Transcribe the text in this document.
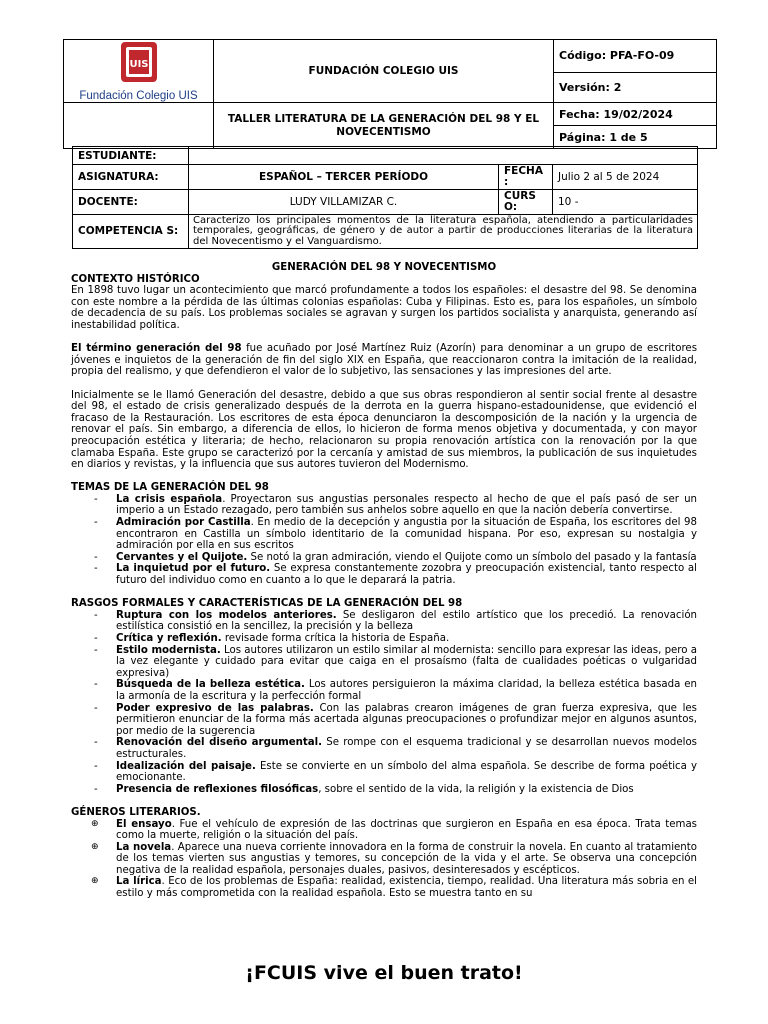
UIS
Fundación Colegio UIS	FUNDACIÓN COLEGIO UIS	Código: PFA-FO-09
		Versión: 2
	TALLER LITERATURA DE LA GENERACIÓN DEL 98 Y EL NOVECENTISMO	Fecha: 19/02/2024
		Página: 1 de 5
ESTUDIANTE:			
ASIGNATURA:	ESPAÑOL – TERCER PERÍODO	FECHA :	Julio 2 al 5 de 2024
DOCENTE:	LUDY VILLAMIZAR C.	CURS O:	10 -
COMPETENCIA S:	Caracterizo los principales momentos de la literatura española, atendiendo a particularidades temporales, geográficas, de género y de autor a partir de producciones literarias de la literatura del Novecentismo y el Vanguardismo.		

GENERACIÓN DEL 98 Y NOVECENTISMO

CONTEXTO HISTÓRICO

En 1898 tuvo lugar un acontecimiento que marcó profundamente a todos los españoles: el desastre del 98. Se denomina con este nombre a la pérdida de las últimas colonias españolas: Cuba y Filipinas. Esto es, para los españoles, un símbolo de decadencia de su país. Los problemas sociales se agravan y surgen los partidos socialista y anarquista, generando así inestabilidad política.

El término generación del 98 fue acuñado por José Martínez Ruiz (Azorín) para denominar a un grupo de escritores jóvenes e inquietos de la generación de fin del siglo XIX en España, que reaccionaron contra la imitación de la realidad, propia del realismo, y que defendieron el valor de lo subjetivo, las sensaciones y las impresiones del arte.

Inicialmente se le llamó Generación del desastre, debido a que sus obras respondieron al sentir social frente al desastre del 98, el estado de crisis generalizado después de la derrota en la guerra hispano-estadounidense, que evidenció el fracaso de la Restauración. Los escritores de esta época denunciaron la descomposición de la nación y la urgencia de renovar el país. Sin embargo, a diferencia de ellos, lo hicieron de forma menos objetiva y documentada, y con mayor preocupación estética y literaria; de hecho, relacionaron su propia renovación artística con la renovación por la que clamaba España. Este grupo se caracterizó por la cercanía y amistad de sus miembros, la publicación de sus inquietudes en diarios y revistas, y la influencia que sus autores tuvieron del Modernismo.

TEMAS DE LA GENERACIÓN DEL 98
- La crisis española. Proyectaron sus angustias personales respecto al hecho de que el país pasó de ser un imperio a un Estado rezagado, pero también sus anhelos sobre aquello en que la nación debería convertirse.
- Admiración por Castilla. En medio de la decepción y angustia por la situación de España, los escritores del 98 encontraron en Castilla un símbolo identitario de la comunidad hispana. Por eso, expresan su nostalgia y admiración por ella en sus escritos
- Cervantes y el Quijote. Se notó la gran admiración, viendo el Quijote como un símbolo del pasado y la fantasía
- La inquietud por el futuro. Se expresa constantemente zozobra y preocupación existencial, tanto respecto al futuro del individuo como en cuanto a lo que le deparará la patria.
RASGOS FORMALES Y CARACTERÍSTICAS DE LA GENERACIÓN DEL 98
- Ruptura con los modelos anteriores. Se desligaron del estilo artístico que los precedió. La renovación estilística consistió en la sencillez, la precisión y la belleza
- Crítica y reflexión. revisade forma crítica la historia de España.
- Estilo modernista. Los autores utilizaron un estilo similar al modernista: sencillo para expresar las ideas, pero a la vez elegante y cuidado para evitar que caiga en el prosaísmo (falta de cualidades poéticas o vulgaridad expresiva)
- Búsqueda de la belleza estética. Los autores persiguieron la máxima claridad, la belleza estética basada en la armonía de la escritura y la perfección formal
- Poder expresivo de las palabras. Con las palabras crearon imágenes de gran fuerza expresiva, que les permitieron enunciar de la forma más acertada algunas preocupaciones o profundizar mejor en algunos asuntos, por medio de la sugerencia
- Renovación del diseño argumental. Se rompe con el esquema tradicional y se desarrollan nuevos modelos estructurales.
- Idealización del paisaje. Este se convierte en un símbolo del alma española. Se describe de forma poética y emocionante.
- Presencia de reflexiones filosóficas, sobre el sentido de la vida, la religión y la existencia de Dios
GÉNEROS LITERARIOS.
⊕ El ensayo. Fue el vehículo de expresión de las doctrinas que surgieron en España en esa época. Trata temas como la muerte, religión o la situación del país.
⊕ La novela. Aparece una nueva corriente innovadora en la forma de construir la novela. En cuanto al tratamiento de los temas vierten sus angustias y temores, su concepción de la vida y el arte. Se observa una concepción negativa de la realidad española, personajes duales, pasivos, desinteresados y escépticos.
⊕ La lírica. Eco de los problemas de España: realidad, existencia, tiempo, realidad. Una literatura más sobria en el estilo y más comprometida con la realidad española. Esto se muestra tanto en su
¡FCUIS vive el buen trato!
